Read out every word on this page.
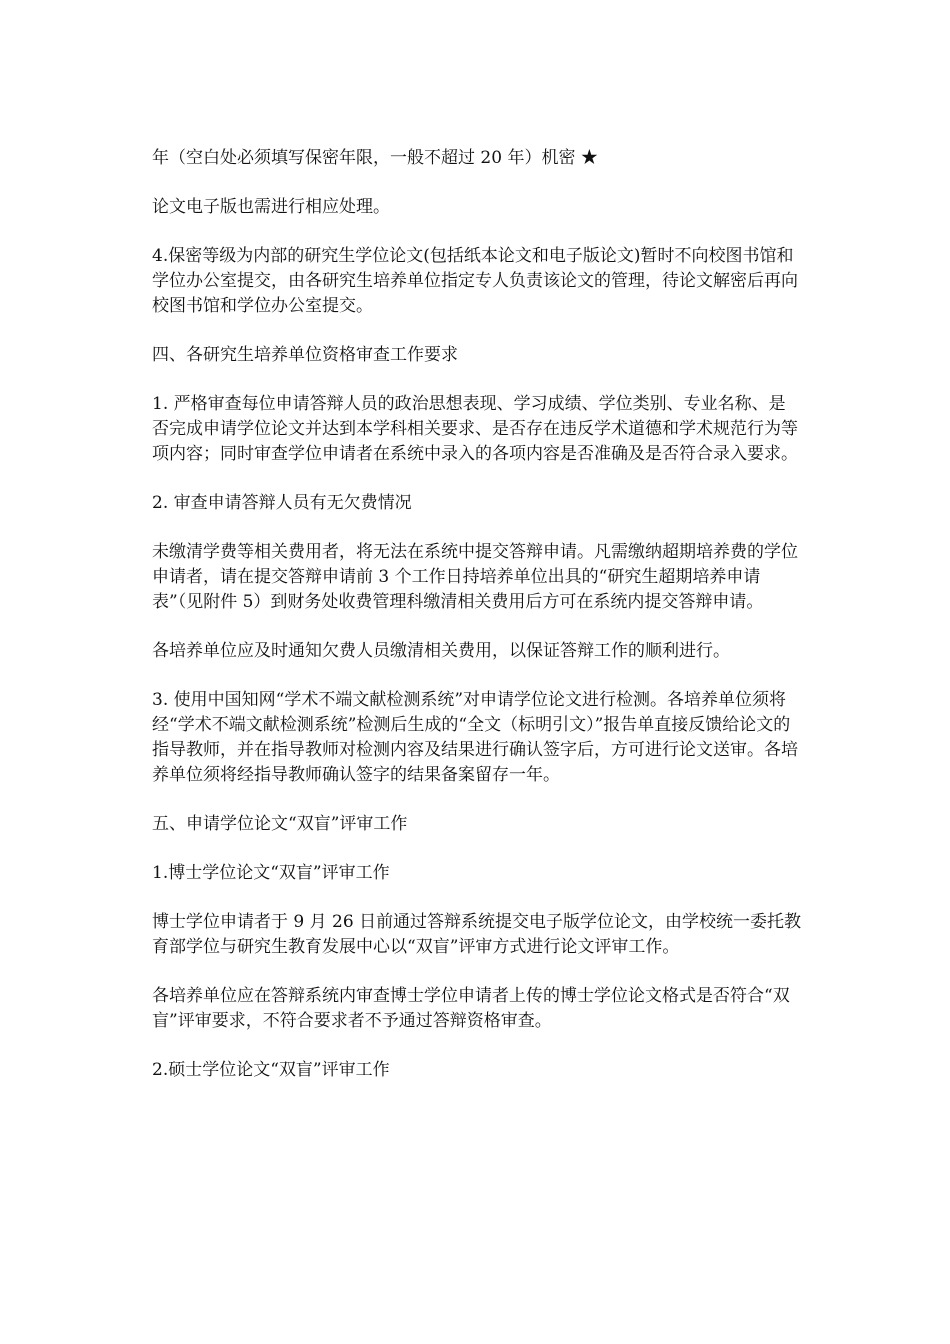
年（空白处必须填写保密年限，一般不超过 20 年）机密 ★

论文电子版也需进行相应处理。

4.保密等级为内部的研究生学位论文(包括纸本论文和电子版论文)暂时不向校图书馆和学位办公室提交，由各研究生培养单位指定专人负责该论文的管理，待论文解密后再向校图书馆和学位办公室提交。

四、各研究生培养单位资格审查工作要求

1. 严格审查每位申请答辩人员的政治思想表现、学习成绩、学位类别、专业名称、是否完成申请学位论文并达到本学科相关要求、是否存在违反学术道德和学术规范行为等项内容；同时审查学位申请者在系统中录入的各项内容是否准确及是否符合录入要求。

2. 审查申请答辩人员有无欠费情况

未缴清学费等相关费用者，将无法在系统中提交答辩申请。凡需缴纳超期培养费的学位申请者，请在提交答辩申请前 3 个工作日持培养单位出具的“研究生超期培养申请表”（见附件 5）到财务处收费管理科缴清相关费用后方可在系统内提交答辩申请。

各培养单位应及时通知欠费人员缴清相关费用，以保证答辩工作的顺利进行。

3. 使用中国知网“学术不端文献检测系统”对申请学位论文进行检测。各培养单位须将经“学术不端文献检测系统”检测后生成的“全文（标明引文）”报告单直接反馈给论文的指导教师，并在指导教师对检测内容及结果进行确认签字后，方可进行论文送审。各培养单位须将经指导教师确认签字的结果备案留存一年。

五、申请学位论文“双盲”评审工作

1.博士学位论文“双盲”评审工作

博士学位申请者于 9 月 26 日前通过答辩系统提交电子版学位论文，由学校统一委托教育部学位与研究生教育发展中心以“双盲”评审方式进行论文评审工作。

各培养单位应在答辩系统内审查博士学位申请者上传的博士学位论文格式是否符合“双盲”评审要求，不符合要求者不予通过答辩资格审查。

2.硕士学位论文“双盲”评审工作
